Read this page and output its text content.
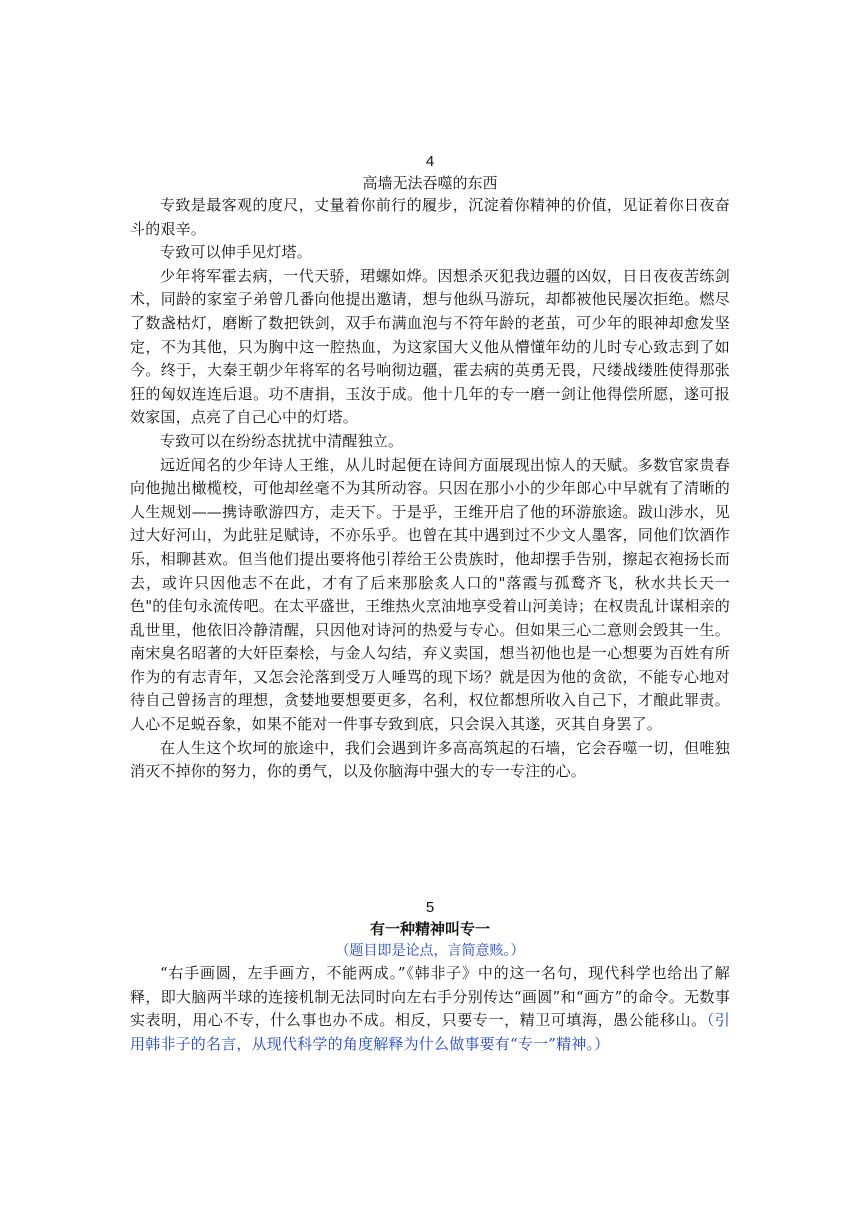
4
高墙无法吞噬的东西

专致是最客观的度尺，丈量着你前行的履步，沉淀着你精神的价值，见证着你日夜奋斗的艰辛。

专致可以伸手见灯塔。

少年将军霍去病，一代天骄，珺螺如烨。因想杀灭犯我边疆的凶奴，日日夜夜苦练剑术，同龄的家室子弟曾几番向他提出邀请，想与他纵马游玩，却都被他民屡次拒绝。燃尽了数盏枯灯，磨断了数把铁剑，双手布满血泡与不符年龄的老茧，可少年的眼神却愈发坚定，不为其他，只为胸中这一腔热血，为这家国大义他从懵懂年幼的儿时专心致志到了如今。终于，大秦王朝少年将军的名号响彻边疆，霍去病的英勇无畏，尺缕战缕胜使得那张狂的匈奴连连后退。功不唐捐，玉汝于成。他十几年的专一磨一剑让他得偿所愿，遂可报效家国，点亮了自己心中的灯塔。

专致可以在纷纷态扰扰中清醒独立。

远近闻名的少年诗人王维，从儿时起便在诗间方面展现出惊人的天赋。多数官家贵春向他抛出橄榄校，可他却丝毫不为其所动容。只因在那小小的少年郎心中早就有了清晰的人生规划——携诗歌游四方，走天下。于是乎，王维开启了他的环游旅途。跋山涉水，见过大好河山，为此驻足赋诗，不亦乐乎。也曾在其中遇到过不少文人墨客，同他们饮酒作乐，相聊甚欢。但当他们提出要将他引荐给王公贵族时，他却摆手告别，擦起衣袍扬长而去，或许只因他志不在此，才有了后来那脍炙人口的"落霞与孤鹜齐飞，秋水共长天一色"的佳句永流传吧。在太平盛世，王维热火烹油地享受着山河美诗；在权贵乱计谋相亲的乱世里，他依旧冷静清醒，只因他对诗河的热爱与专心。但如果三心二意则会毁其一生。南宋臭名昭著的大奸臣秦桧，与金人勾结，弃义卖国，想当初他也是一心想要为百姓有所作为的有志青年，又怎会沦落到受万人唾骂的现下场？就是因为他的贪欲，不能专心地对待自己曾扬言的理想，贪婪地要想要更多，名利，权位都想所收入自己下，才酿此罪责。人心不足蜕吞象，如果不能对一件事专致到底，只会误入其遂，灭其自身罢了。

在人生这个坎坷的旅途中，我们会遇到许多高高筑起的石墙，它会吞噬一切，但唯独消灭不掉你的努力，你的勇气，以及你脑海中强大的专一专注的心。

5
有一种精神叫专一
（题目即是论点，言简意赅。）

“右手画圆，左手画方，不能两成。”《韩非子》中的这一名句，现代科学也给出了解释，即大脑两半球的连接机制无法同时向左右手分别传达“画圆”和“画方”的命令。无数事实表明，用心不专，什么事也办不成。相反，只要专一，精卫可填海，愚公能移山。（引用韩非子的名言，从现代科学的角度解释为什么做事要有“专一”精神。）
